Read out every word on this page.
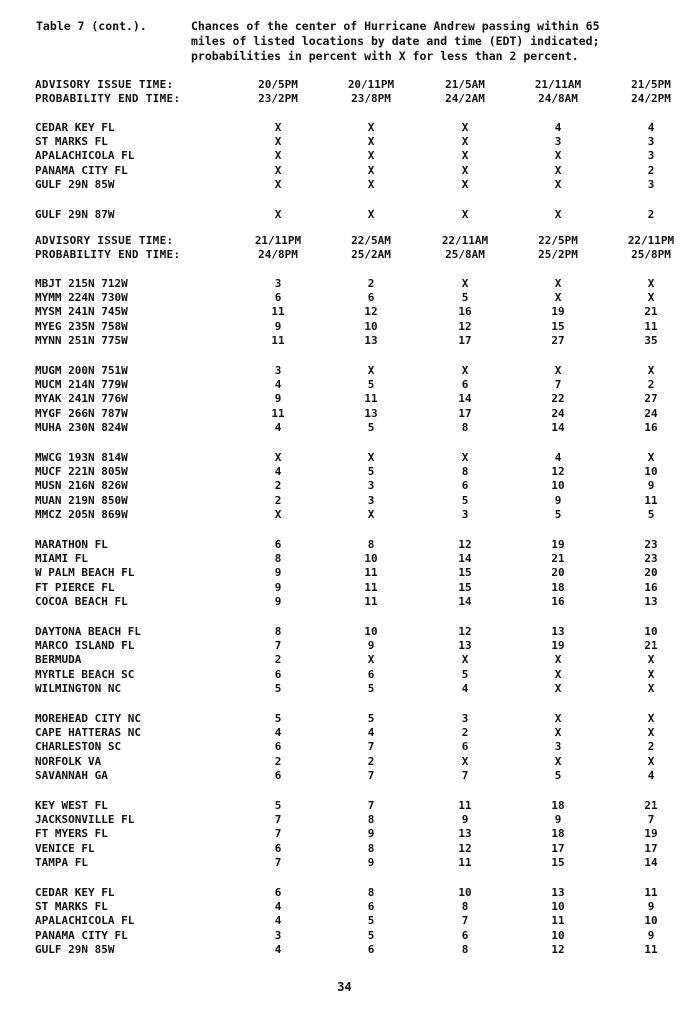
Table 7 (cont.).	Chances of the center of Hurricane Andrew passing within 65
miles of listed locations by date and time (EDT) indicated;
probabilities in percent with X for less than 2 percent.
ADVISORY ISSUE TIME:	20/5PM	20/11PM	21/5AM	21/11AM	21/5PM
PROBABILITY END TIME:	23/2PM	23/8PM	24/2AM	24/8AM	24/2PM
CEDAR KEY FL	X	X	X	4	4
ST MARKS FL	X	X	X	3	3
APALACHICOLA FL	X	X	X	X	3
PANAMA CITY FL	X	X	X	X	2
GULF 29N 85W	X	X	X	X	3
GULF 29N 87W	X	X	X	X	2
ADVISORY ISSUE TIME:	21/11PM	22/5AM	22/11AM	22/5PM	22/11PM
PROBABILITY END TIME:	24/8PM	25/2AM	25/8AM	25/2PM	25/8PM
MBJT 215N 712W	3	2	X	X	X
MYMM 224N 730W	6	6	5	X	X
MYSM 241N 745W	11	12	16	19	21
MYEG 235N 758W	9	10	12	15	11
MYNN 251N 775W	11	13	17	27	35
MUGM 200N 751W	3	X	X	X	X
MUCM 214N 779W	4	5	6	7	2
MYAK 241N 776W	9	11	14	22	27
MYGF 266N 787W	11	13	17	24	24
MUHA 230N 824W	4	5	8	14	16
MWCG 193N 814W	X	X	X	4	X
MUCF 221N 805W	4	5	8	12	10
MUSN 216N 826W	2	3	6	10	9
MUAN 219N 850W	2	3	5	9	11
MMCZ 205N 869W	X	X	3	5	5
MARATHON FL	6	8	12	19	23
MIAMI FL	8	10	14	21	23
W PALM BEACH FL	9	11	15	20	20
FT PIERCE FL	9	11	15	18	16
COCOA BEACH FL	9	11	14	16	13
DAYTONA BEACH FL	8	10	12	13	10
MARCO ISLAND FL	7	9	13	19	21
BERMUDA	2	X	X	X	X
MYRTLE BEACH SC	6	6	5	X	X
WILMINGTON NC	5	5	4	X	X
MOREHEAD CITY NC	5	5	3	X	X
CAPE HATTERAS NC	4	4	2	X	X
CHARLESTON SC	6	7	6	3	2
NORFOLK VA	2	2	X	X	X
SAVANNAH GA	6	7	7	5	4
KEY WEST FL	5	7	11	18	21
JACKSONVILLE FL	7	8	9	9	7
FT MYERS FL	7	9	13	18	19
VENICE FL	6	8	12	17	17
TAMPA FL	7	9	11	15	14
CEDAR KEY FL	6	8	10	13	11
ST MARKS FL	4	6	8	10	9
APALACHICOLA FL	4	5	7	11	10
PANAMA CITY FL	3	5	6	10	9
GULF 29N 85W	4	6	8	12	11
34
